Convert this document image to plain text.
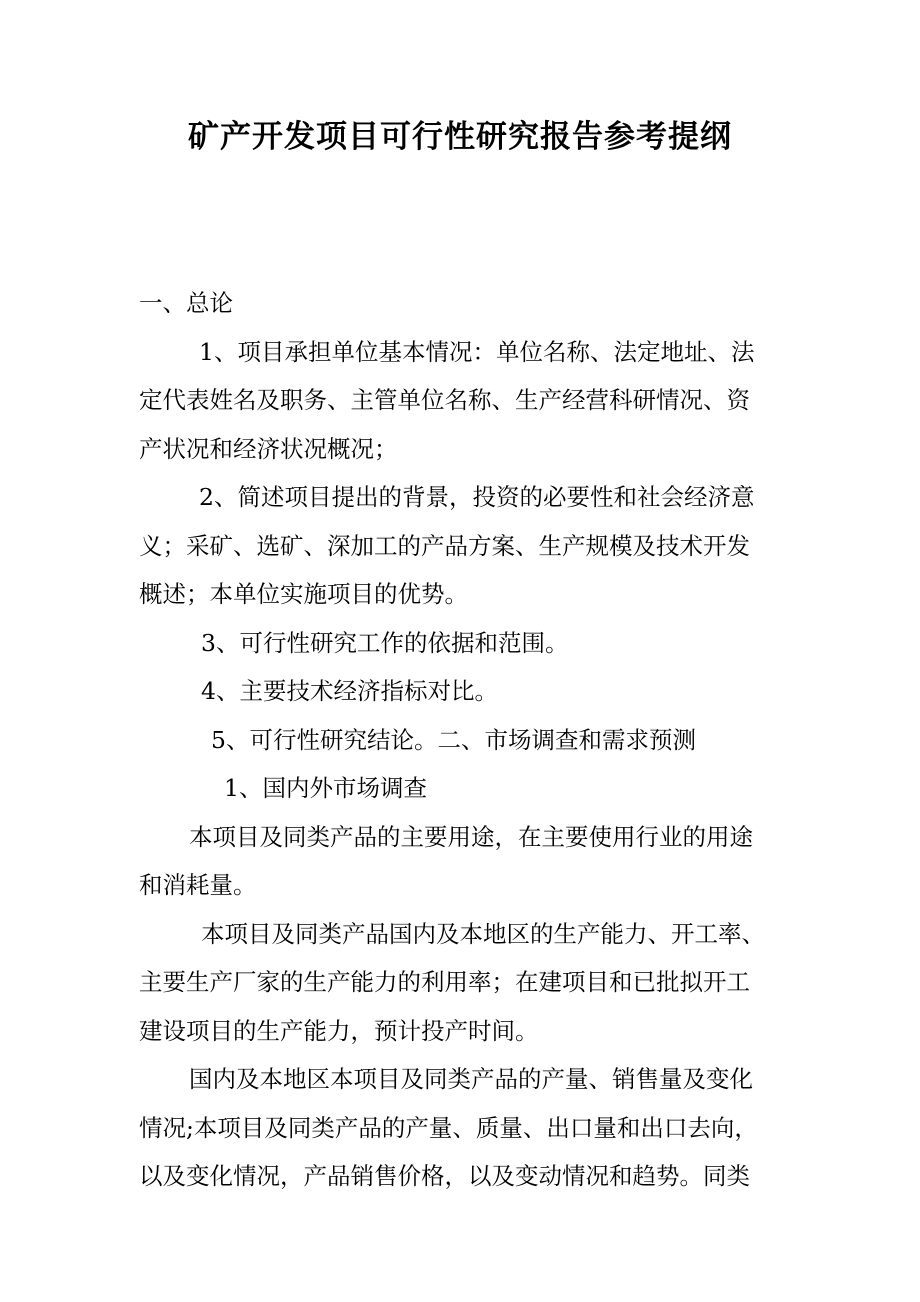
矿产开发项目可行性研究报告参考提纲
一、总论
1、项目承担单位基本情况：单位名称、法定地址、法
定代表姓名及职务、主管单位名称、生产经营科研情况、资
产状况和经济状况概况；
2、简述项目提出的背景，投资的必要性和社会经济意
义；采矿、选矿、深加工的产品方案、生产规模及技术开发
概述；本单位实施项目的优势。
3、可行性研究工作的依据和范围。
4、主要技术经济指标对比。
5、可行性研究结论。二、市场调查和需求预测
1、国内外市场调查
本项目及同类产品的主要用途，在主要使用行业的用途
和消耗量。
本项目及同类产品国内及本地区的生产能力、开工率、
主要生产厂家的生产能力的利用率；在建项目和已批拟开工
建设项目的生产能力，预计投产时间。
国内及本地区本项目及同类产品的产量、销售量及变化
情况;本项目及同类产品的产量、质量、出口量和出口去向，
以及变化情况，产品销售价格，以及变动情况和趋势。同类
